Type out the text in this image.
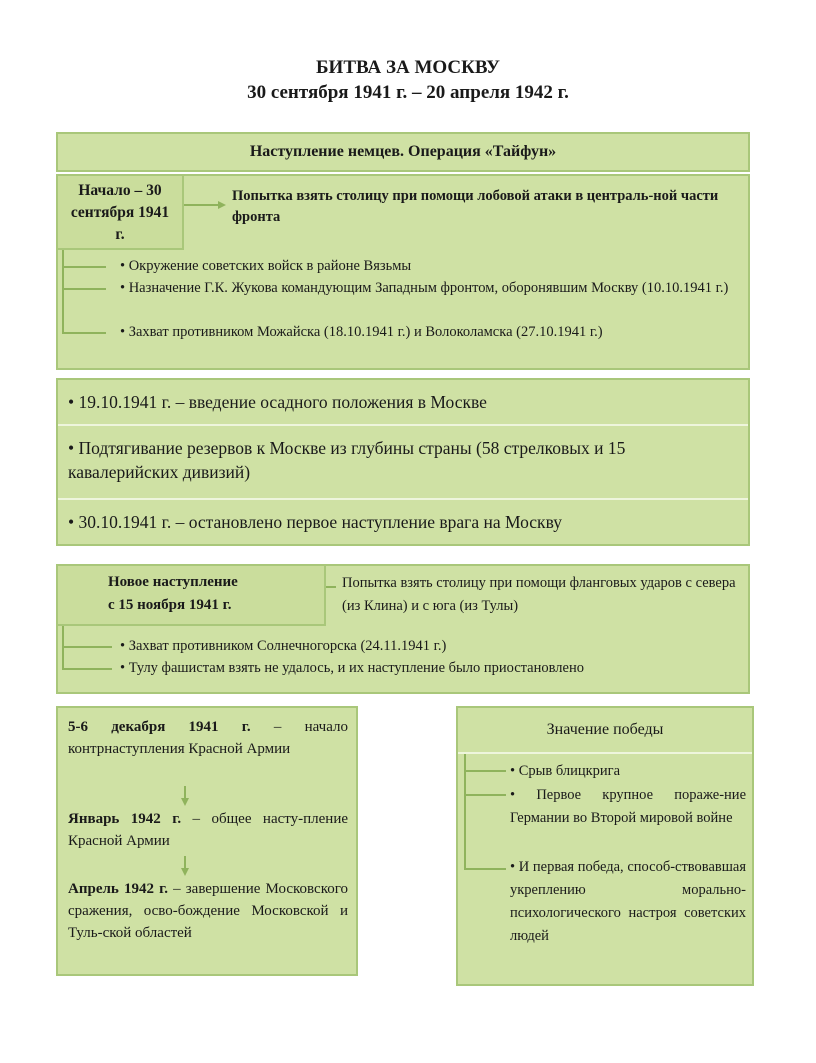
БИТВА ЗА МОСКВУ
30 сентября 1941 г. – 20 апреля 1942 г.
Наступление немцев. Операция «Тайфун»
Начало – 30 сентября 1941 г.
Попытка взять столицу при помощи лобовой атаки в централь-ной части фронта
• Окружение советских войск в районе Вязьмы
• Назначение Г.К. Жукова командующим Западным фронтом, оборонявшим Москву (10.10.1941 г.)
• Захват противником Можайска (18.10.1941 г.) и Волоколамска (27.10.1941 г.)
• 19.10.1941 г. – введение осадного положения в Москве
• Подтягивание резервов к Москве из глубины страны (58 стрелковых и 15 кавалерийских дивизий)
• 30.10.1941 г. – остановлено первое наступление врага на Москву
Новое наступление
с 15 ноября 1941 г.
Попытка взять столицу при помощи фланговых ударов с севера (из Клина) и с юга (из Тулы)
• Захват противником Солнечногорска (24.11.1941 г.)
• Тулу фашистам взять не удалось, и их наступление было приостановлено
5-6 декабря 1941 г. – начало контрнаступления Красной Армии
Январь 1942 г. – общее насту-пление Красной Армии
Апрель 1942 г. – завершение Московского сражения, осво-бождение Московской и Туль-ской областей
Значение победы
• Срыв блицкрига
• Первое крупное пораже-ние Германии во Второй мировой войне
• И первая победа, способ-ствовавшая укреплению морально-психологического настроя советских людей
